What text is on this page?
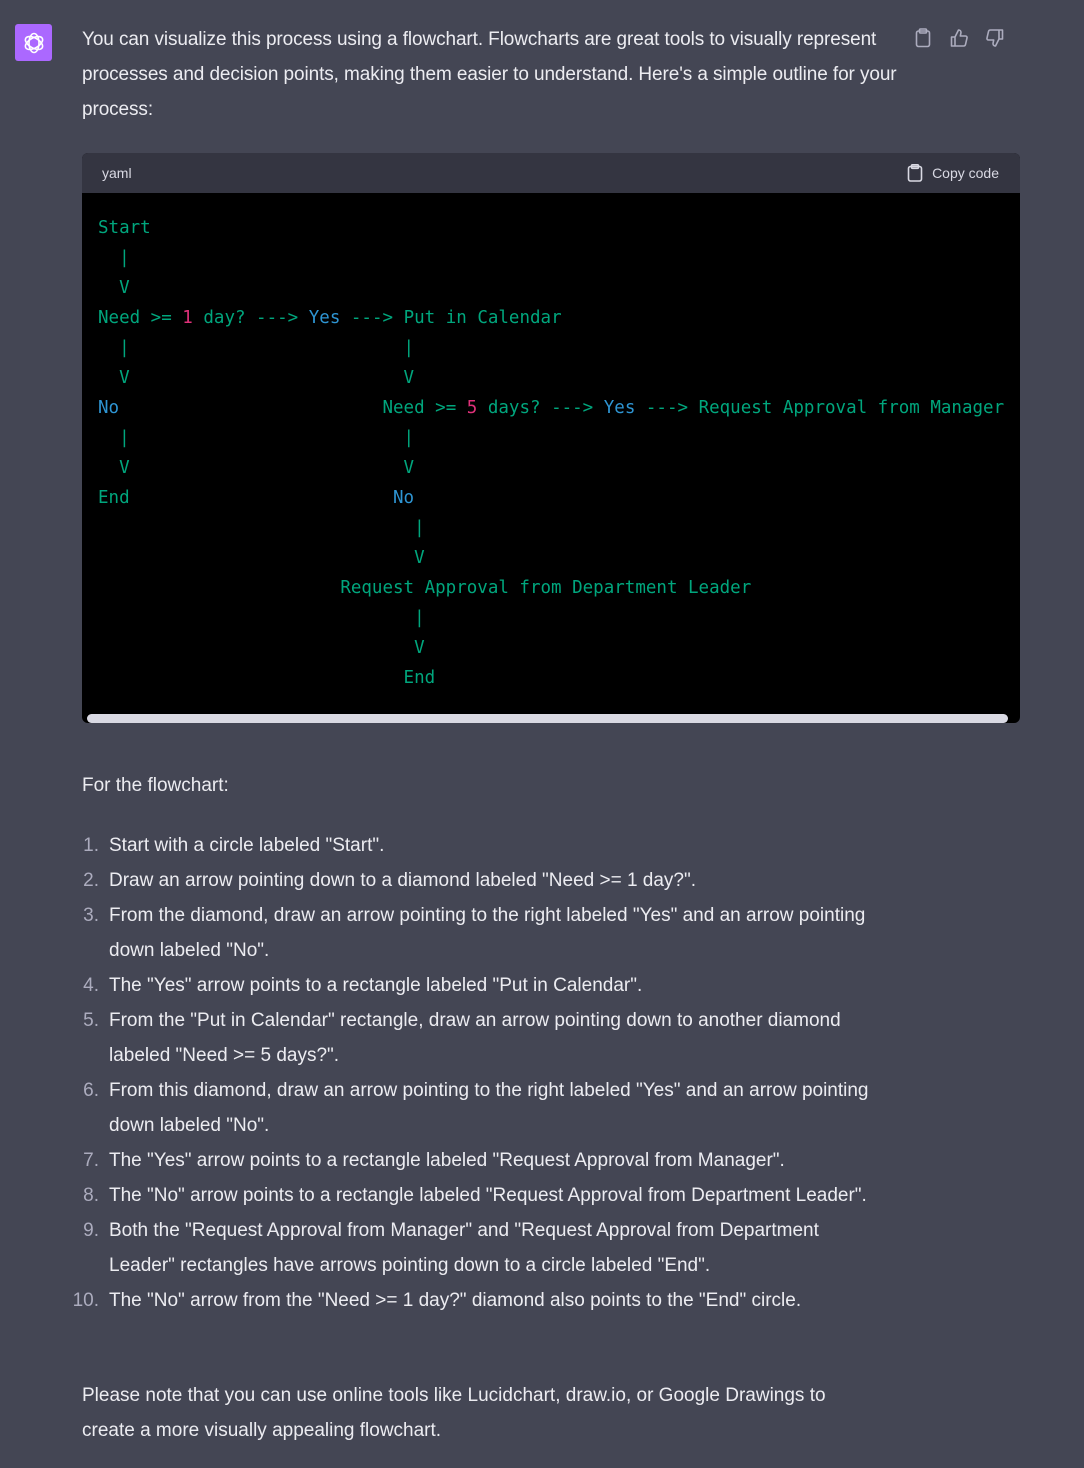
You can visualize this process using a flowchart. Flowcharts are great tools to visually represent processes and decision points, making them easier to understand. Here's a simple outline for your process:

yaml	Copy code
Start
|
V
Need >= 1 day? ---> Yes ---> Put in Calendar
|                          |
V                          V
No                         Need >= 5 days? ---> Yes ---> Request Approval from Manager
|                          |
V                          V
End	No
|
V
Request Approval from Department Leader
|
V
End

For the flowchart:

1. Start with a circle labeled "Start".
2. Draw an arrow pointing down to a diamond labeled "Need >= 1 day?".
3. From the diamond, draw an arrow pointing to the right labeled "Yes" and an arrow pointing down labeled "No".
4. The "Yes" arrow points to a rectangle labeled "Put in Calendar".
5. From the "Put in Calendar" rectangle, draw an arrow pointing down to another diamond labeled "Need >= 5 days?".
6. From this diamond, draw an arrow pointing to the right labeled "Yes" and an arrow pointing down labeled "No".
7. The "Yes" arrow points to a rectangle labeled "Request Approval from Manager".
8. The "No" arrow points to a rectangle labeled "Request Approval from Department Leader".
9. Both the "Request Approval from Manager" and "Request Approval from Department Leader" rectangles have arrows pointing down to a circle labeled "End".
10. The "No" arrow from the "Need >= 1 day?" diamond also points to the "End" circle.

Please note that you can use online tools like Lucidchart, draw.io, or Google Drawings to create a more visually appealing flowchart.
